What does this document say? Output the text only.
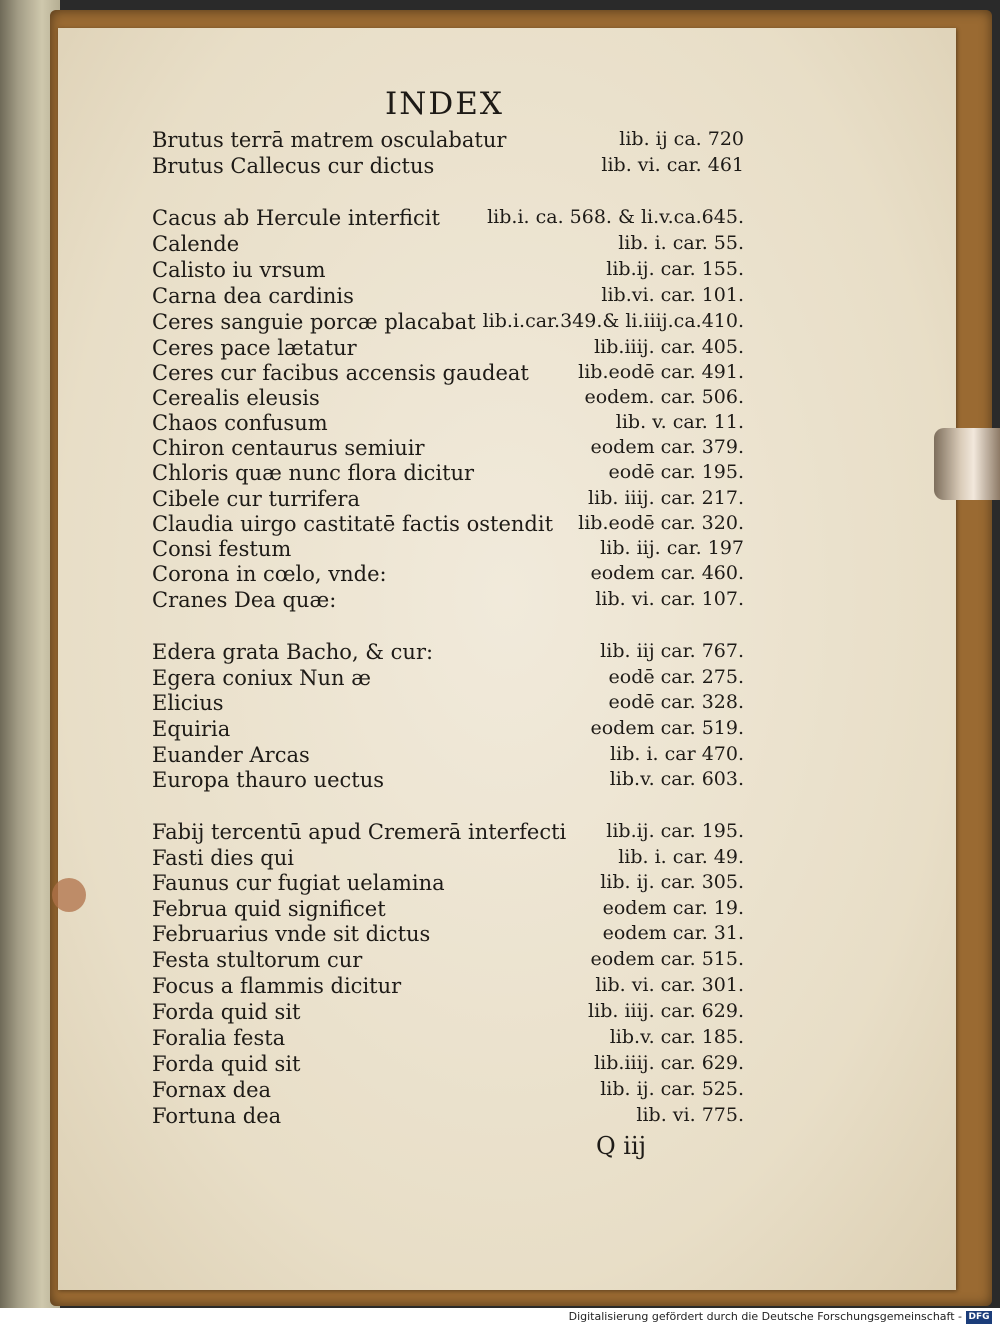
INDEX
Brutus terrā matrem osculabatur	lib. ij ca. 720
Brutus Callecus cur dictus	lib. vi. car. 461
Cacus ab Hercule interficit lib.i. ca. 568. & li.v.ca.645.
Calende	lib. i. car. 55.
Calisto iu vrsum	lib.ij. car. 155.
Carna dea cardinis	lib.vi. car. 101.
Ceres sanguie porcæ placabat lib.i.car.349.& li.iiij.ca.410.
Ceres pace lætatur	lib.iiij. car. 405.
Ceres cur facibus accensis gaudeat	lib.eodē car. 491.
Cerealis eleusis	eodem. car. 506.
Chaos confusum	lib. v. car. 11.
Chiron centaurus semiuir	eodem car. 379.
Chloris quæ nunc flora dicitur	eodē car. 195.
Cibele cur turrifera	lib. iiij. car. 217.
Claudia uirgo castitatē factis ostendit lib.eodē car. 320.
Consi festum	lib. iij. car. 197
Corona in cœlo, vnde:	eodem car. 460.
Cranes Dea quæ:	lib. vi. car. 107.
Edera grata Bacho, & cur:	lib. iij car. 767.
Egera coniux Nun æ	eodē car. 275.
Elicius	eodē car. 328.
Equiria	eodem car. 519.
Euander Arcas	lib. i. car 470.
Europa thauro uectus	lib.v. car. 603.
Fabij tercentū apud Cremerā interfecti lib.ij. car. 195.
Fasti dies qui	lib. i. car. 49.
Faunus cur fugiat uelamina	lib. ij. car. 305.
Februa quid significet	eodem car. 19.
Februarius vnde sit dictus	eodem car. 31.
Festa stultorum cur	eodem car. 515.
Focus a flammis dicitur	lib. vi. car. 301.
Forda quid sit	lib. iiij. car. 629.
Foralia festa	lib.v. car. 185.
Forda quid sit	lib.iiij. car. 629.
Fornax dea	lib. ij. car. 525.
Fortuna dea	lib. vi. 775.
Q iij
Digitalisierung gefördert durch die Deutsche Forschungsgemeinschaft - DFG
